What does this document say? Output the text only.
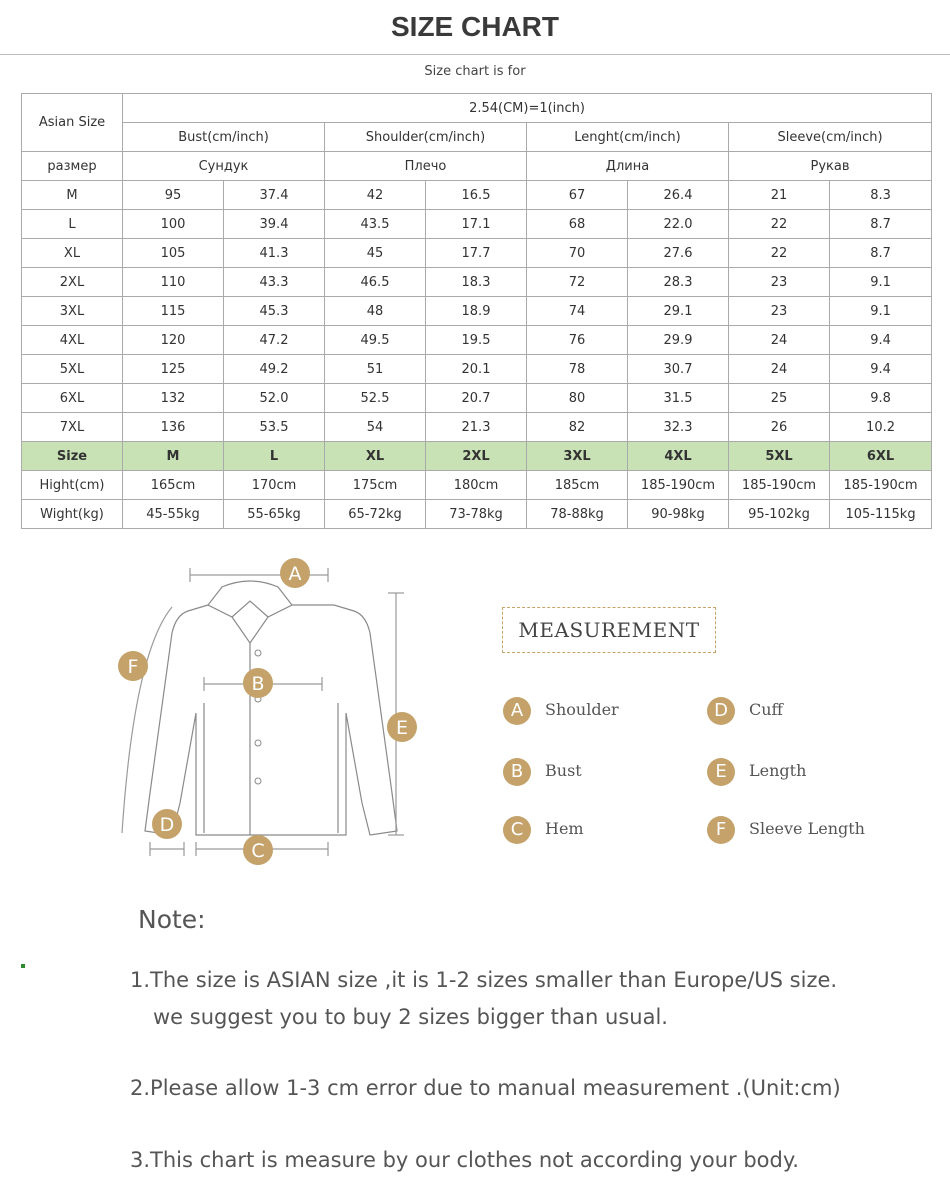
SIZE CHART
Size chart is for
Asian Size	2.54(CM)=1(inch)							
	Bust(cm/inch)		Shoulder(cm/inch)		Lenght(cm/inch)		Sleeve(cm/inch)	
размер	Сундук		Плечо		Длина		Рукав	
M	95	37.4	42	16.5	67	26.4	21	8.3
L	100	39.4	43.5	17.1	68	22.0	22	8.7
XL	105	41.3	45	17.7	70	27.6	22	8.7
2XL	110	43.3	46.5	18.3	72	28.3	23	9.1
3XL	115	45.3	48	18.9	74	29.1	23	9.1
4XL	120	47.2	49.5	19.5	76	29.9	24	9.4
5XL	125	49.2	51	20.1	78	30.7	24	9.4
6XL	132	52.0	52.5	20.7	80	31.5	25	9.8
7XL	136	53.5	54	21.3	82	32.3	26	10.2
Size	M	L	XL	2XL	3XL	4XL	5XL	6XL
Hight(cm)	165cm	170cm	175cm	180cm	185cm	185-190cm	185-190cm	185-190cm
Wight(kg)	45-55kg	55-65kg	65-72kg	73-78kg	78-88kg	90-98kg	95-102kg	105-115kg
A
B
C
D
E
F
MEASUREMENT
A	Shoulder
B	Bust
C	Hem
D	Cuff
E	Length
F	Sleeve Length
Note:
1.The size is ASIAN size ,it is 1-2 sizes smaller than Europe/US size.
we suggest you to buy 2 sizes bigger than usual.
2.Please allow 1-3 cm error due to manual measurement .(Unit:cm)
3.This chart is measure by our clothes not according your body.
